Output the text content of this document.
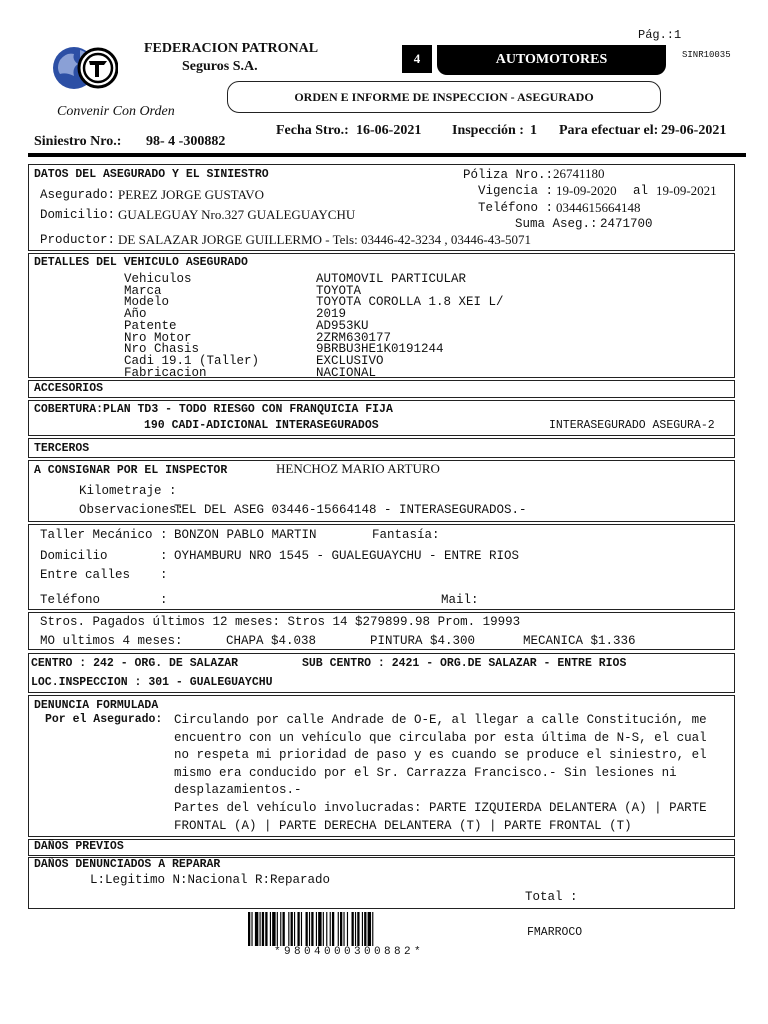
Pág.:1
SINR10035
FEDERACION PATRONAL
Seguros S.A.
Convenir Con Orden
4	AUTOMOTORES
ORDEN E INFORME DE INSPECCION - ASEGURADO
Siniestro Nro.: 98- 4 -300882
Fecha Stro.: 16-06-2021 Inspección : 1 Para efectuar el: 29-06-2021
DATOS DEL ASEGURADO Y EL SINIESTRO
Asegurado: PEREZ JORGE GUSTAVO
Domicilio: GUALEGUAY Nro.327 GUALEGUAYCHU
Productor: DE SALAZAR JORGE GUILLERMO - Tels: 03446-42-3234 , 03446-43-5071
Póliza Nro.: 26741180
Vigencia : 19-09-2020 al 19-09-2021
Teléfono : 0344615664148
Suma Aseg.: 2471700
DETALLES DEL VEHICULO ASEGURADO
Vehiculos	AUTOMOVIL PARTICULAR
Marca	TOYOTA
Modelo	TOYOTA COROLLA 1.8 XEI L/
Año	2019
Patente	AD953KU
Nro Motor	2ZRM630177
Nro Chasis	9BRBU3HE1K0191244
Cadi 19.1 (Taller)	EXCLUSIVO
Fabricacion	NACIONAL
ACCESORIOS
COBERTURA:PLAN TD3 - TODO RIESGO CON FRANQUICIA FIJA
190 CADI-ADICIONAL INTERASEGURADOS	INTERASEGURADO ASEGURA-2
TERCEROS
A CONSIGNAR POR EL INSPECTOR	HENCHOZ MARIO ARTURO
Kilometraje :
Observaciones:
TEL DEL ASEG 03446-15664148 - INTERASEGURADOS.-
Taller Mecánico : BONZON PABLO MARTIN	Fantasía:
Domicilio	: OYHAMBURU NRO 1545 - GUALEGUAYCHU - ENTRE RIOS
Entre calles :
Teléfono	:	Mail:
Stros. Pagados últimos 12 meses: Stros 14 $279899.98 Prom. 19993
MO ultimos 4 meses:	CHAPA $4.038	PINTURA $4.300	MECANICA $1.336
CENTRO : 242 - ORG. DE SALAZAR	SUB CENTRO : 2421 - ORG.DE SALAZAR - ENTRE RIOS
LOC.INSPECCION : 301 - GUALEGUAYCHU
DENUNCIA FORMULADA
Por el Asegurado: Circulando por calle Andrade de O-E, al llegar a calle Constitución, me
encuentro con un vehículo que circulaba por esta última de N-S, el cual
no respeta mi prioridad de paso y es cuando se produce el siniestro, el
mismo era conducido por el Sr. Carrazza Francisco.- Sin lesiones ni
desplazamientos.-
Partes del vehículo involucradas: PARTE IZQUIERDA DELANTERA (A) | PARTE
FRONTAL (A) | PARTE DERECHA DELANTERA (T) | PARTE FRONTAL (T)
DAÑOS PREVIOS
DAÑOS DENUNCIADOS A REPARAR
L:Legitimo N:Nacional R:Reparado
Total :
*9804000300882*
FMARROCO
